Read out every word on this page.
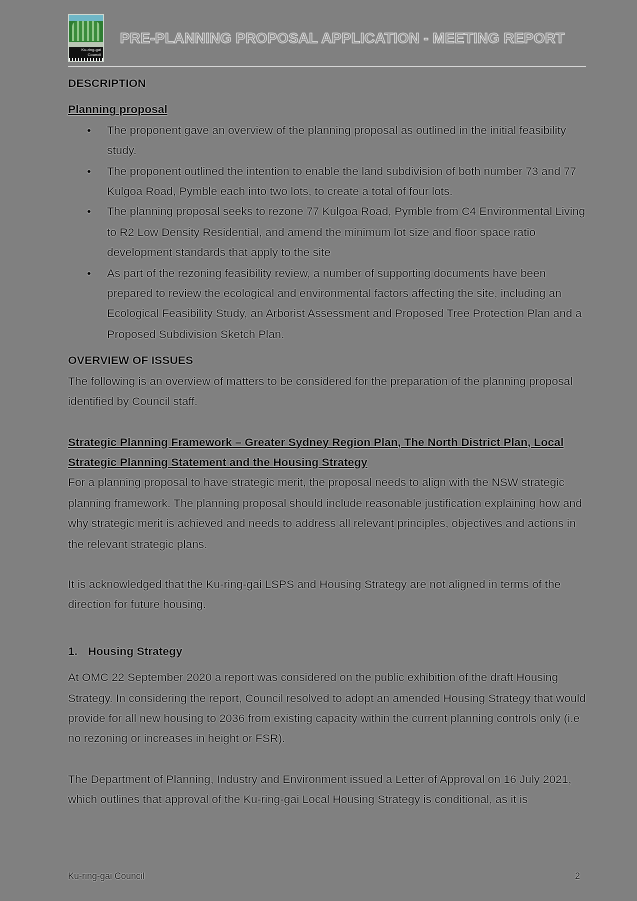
Ku-ring-gai Council
PRE-PLANNING PROPOSAL APPLICATION - MEETING REPORT

DESCRIPTION

Planning proposal

• The proponent gave an overview of the planning proposal as outlined in the initial feasibility study.
• The proponent outlined the intention to enable the land subdivision of both number 73 and 77 Kulgoa Road, Pymble each into two lots, to create a total of four lots.
• The planning proposal seeks to rezone 77 Kulgoa Road, Pymble from C4 Environmental Living to R2 Low Density Residential, and amend the minimum lot size and floor space ratio development standards that apply to the site
• As part of the rezoning feasibility review, a number of supporting documents have been prepared to review the ecological and environmental factors affecting the site, including an Ecological Feasibility Study, an Arborist Assessment and Proposed Tree Protection Plan and a Proposed Subdivision Sketch Plan.

OVERVIEW OF ISSUES

The following is an overview of matters to be considered for the preparation of the planning proposal identified by Council staff.

Strategic Planning Framework – Greater Sydney Region Plan, The North District Plan, Local Strategic Planning Statement and the Housing Strategy

For a planning proposal to have strategic merit, the proposal needs to align with the NSW strategic planning framework. The planning proposal should include reasonable justification explaining how and why strategic merit is achieved and needs to address all relevant principles, objectives and actions in the relevant strategic plans.

It is acknowledged that the Ku-ring-gai LSPS and Housing Strategy are not aligned in terms of the direction for future housing.

1. Housing Strategy

At OMC 22 September 2020 a report was considered on the public exhibition of the draft Housing Strategy. In considering the report, Council resolved to adopt an amended Housing Strategy that would provide for all new housing to 2036 from existing capacity within the current planning controls only (i.e no rezoning or increases in height or FSR).

The Department of Planning, Industry and Environment issued a Letter of Approval on 16 July 2021, which outlines that approval of the Ku-ring-gai Local Housing Strategy is conditional, as it is

Ku-ring-gai Council	2
